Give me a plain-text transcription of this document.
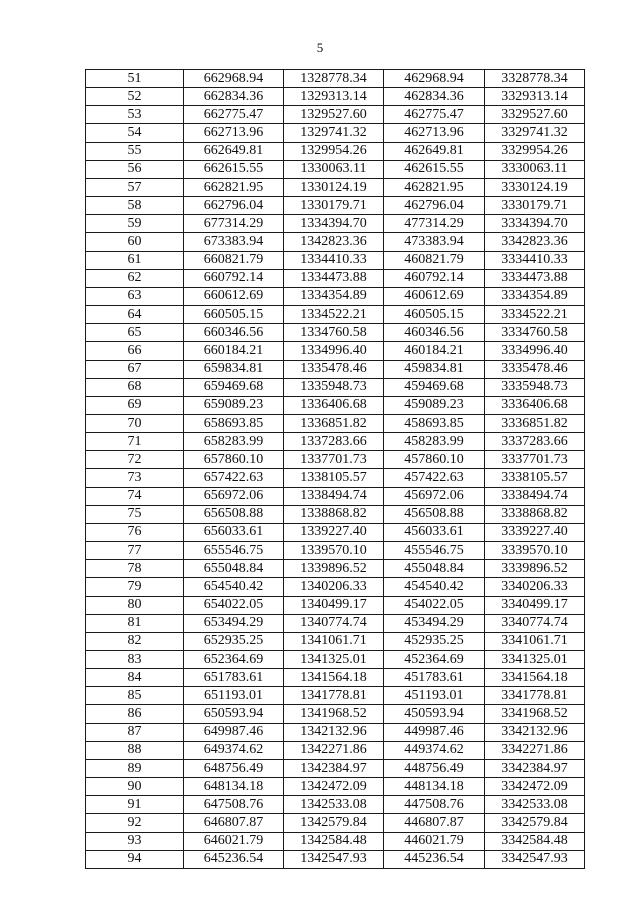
5
51	662968.94	1328778.34	462968.94	3328778.34
52	662834.36	1329313.14	462834.36	3329313.14
53	662775.47	1329527.60	462775.47	3329527.60
54	662713.96	1329741.32	462713.96	3329741.32
55	662649.81	1329954.26	462649.81	3329954.26
56	662615.55	1330063.11	462615.55	3330063.11
57	662821.95	1330124.19	462821.95	3330124.19
58	662796.04	1330179.71	462796.04	3330179.71
59	677314.29	1334394.70	477314.29	3334394.70
60	673383.94	1342823.36	473383.94	3342823.36
61	660821.79	1334410.33	460821.79	3334410.33
62	660792.14	1334473.88	460792.14	3334473.88
63	660612.69	1334354.89	460612.69	3334354.89
64	660505.15	1334522.21	460505.15	3334522.21
65	660346.56	1334760.58	460346.56	3334760.58
66	660184.21	1334996.40	460184.21	3334996.40
67	659834.81	1335478.46	459834.81	3335478.46
68	659469.68	1335948.73	459469.68	3335948.73
69	659089.23	1336406.68	459089.23	3336406.68
70	658693.85	1336851.82	458693.85	3336851.82
71	658283.99	1337283.66	458283.99	3337283.66
72	657860.10	1337701.73	457860.10	3337701.73
73	657422.63	1338105.57	457422.63	3338105.57
74	656972.06	1338494.74	456972.06	3338494.74
75	656508.88	1338868.82	456508.88	3338868.82
76	656033.61	1339227.40	456033.61	3339227.40
77	655546.75	1339570.10	455546.75	3339570.10
78	655048.84	1339896.52	455048.84	3339896.52
79	654540.42	1340206.33	454540.42	3340206.33
80	654022.05	1340499.17	454022.05	3340499.17
81	653494.29	1340774.74	453494.29	3340774.74
82	652935.25	1341061.71	452935.25	3341061.71
83	652364.69	1341325.01	452364.69	3341325.01
84	651783.61	1341564.18	451783.61	3341564.18
85	651193.01	1341778.81	451193.01	3341778.81
86	650593.94	1341968.52	450593.94	3341968.52
87	649987.46	1342132.96	449987.46	3342132.96
88	649374.62	1342271.86	449374.62	3342271.86
89	648756.49	1342384.97	448756.49	3342384.97
90	648134.18	1342472.09	448134.18	3342472.09
91	647508.76	1342533.08	447508.76	3342533.08
92	646807.87	1342579.84	446807.87	3342579.84
93	646021.79	1342584.48	446021.79	3342584.48
94	645236.54	1342547.93	445236.54	3342547.93
